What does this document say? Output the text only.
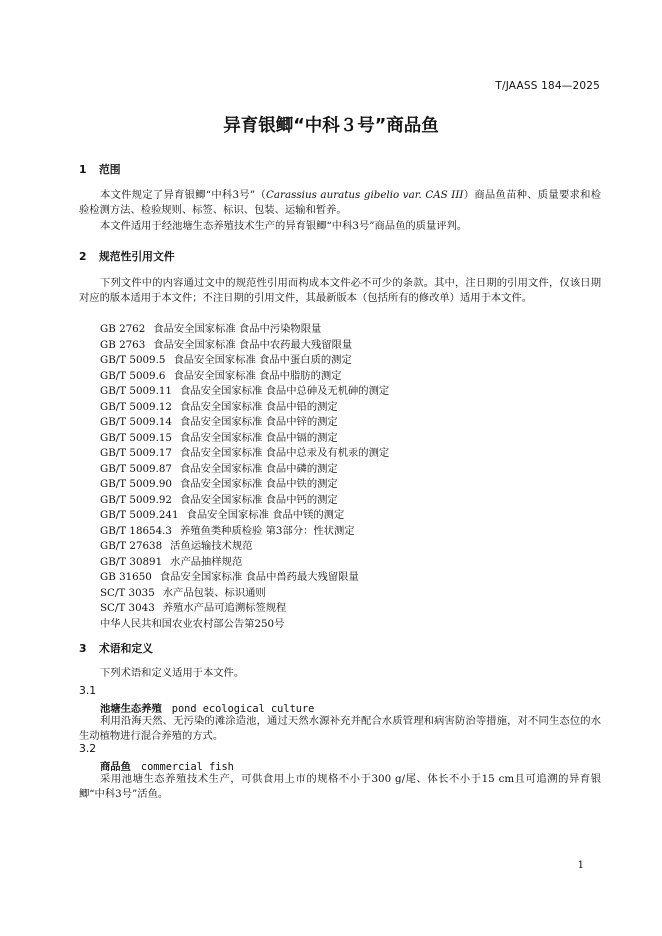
T/JAASS 184—2025
异育银鲫“中科３号”商品鱼
1 范围
本文件规定了异育银鲫“中科3号”（Carassius auratus gibelio var. CAS III）商品鱼苗种、质量要求和检验检测方法、检验规则、标签、标识、包装、运输和暂养。
本文件适用于经池塘生态养殖技术生产的异育银鲫“中科3号”商品鱼的质量评判。
2 规范性引用文件
下列文件中的内容通过文中的规范性引用而构成本文件必不可少的条款。其中，注日期的引用文件，仅该日期对应的版本适用于本文件；不注日期的引用文件，其最新版本（包括所有的修改单）适用于本文件。
GB 2762 食品安全国家标准 食品中污染物限量
GB 2763 食品安全国家标准 食品中农药最大残留限量
GB/T 5009.5 食品安全国家标准 食品中蛋白质的测定
GB/T 5009.6 食品安全国家标准 食品中脂肪的测定
GB/T 5009.11 食品安全国家标准 食品中总砷及无机砷的测定
GB/T 5009.12 食品安全国家标准 食品中铅的测定
GB/T 5009.14 食品安全国家标准 食品中锌的测定
GB/T 5009.15 食品安全国家标准 食品中镉的测定
GB/T 5009.17 食品安全国家标准 食品中总汞及有机汞的测定
GB/T 5009.87 食品安全国家标准 食品中磷的测定
GB/T 5009.90 食品安全国家标准 食品中铁的测定
GB/T 5009.92 食品安全国家标准 食品中钙的测定
GB/T 5009.241 食品安全国家标准 食品中镁的测定
GB/T 18654.3 养殖鱼类种质检验 第3部分：性状测定
GB/T 27638 活鱼运输技术规范
GB/T 30891 水产品抽样规范
GB 31650 食品安全国家标准 食品中兽药最大残留限量
SC/T 3035 水产品包装、标识通则
SC/T 3043 养殖水产品可追溯标签规程
中华人民共和国农业农村部公告第250号
3 术语和定义
下列术语和定义适用于本文件。
3.1
池塘生态养殖 pond ecological culture
利用沿海天然、无污染的滩涂造池，通过天然水源补充并配合水质管理和病害防治等措施，对不同生态位的水生动植物进行混合养殖的方式。
3.2
商品鱼 commercial fish
采用池塘生态养殖技术生产，可供食用上市的规格不小于300 g/尾、体长不小于15 cm且可追溯的异育银鲫“中科3号”活鱼。
1
